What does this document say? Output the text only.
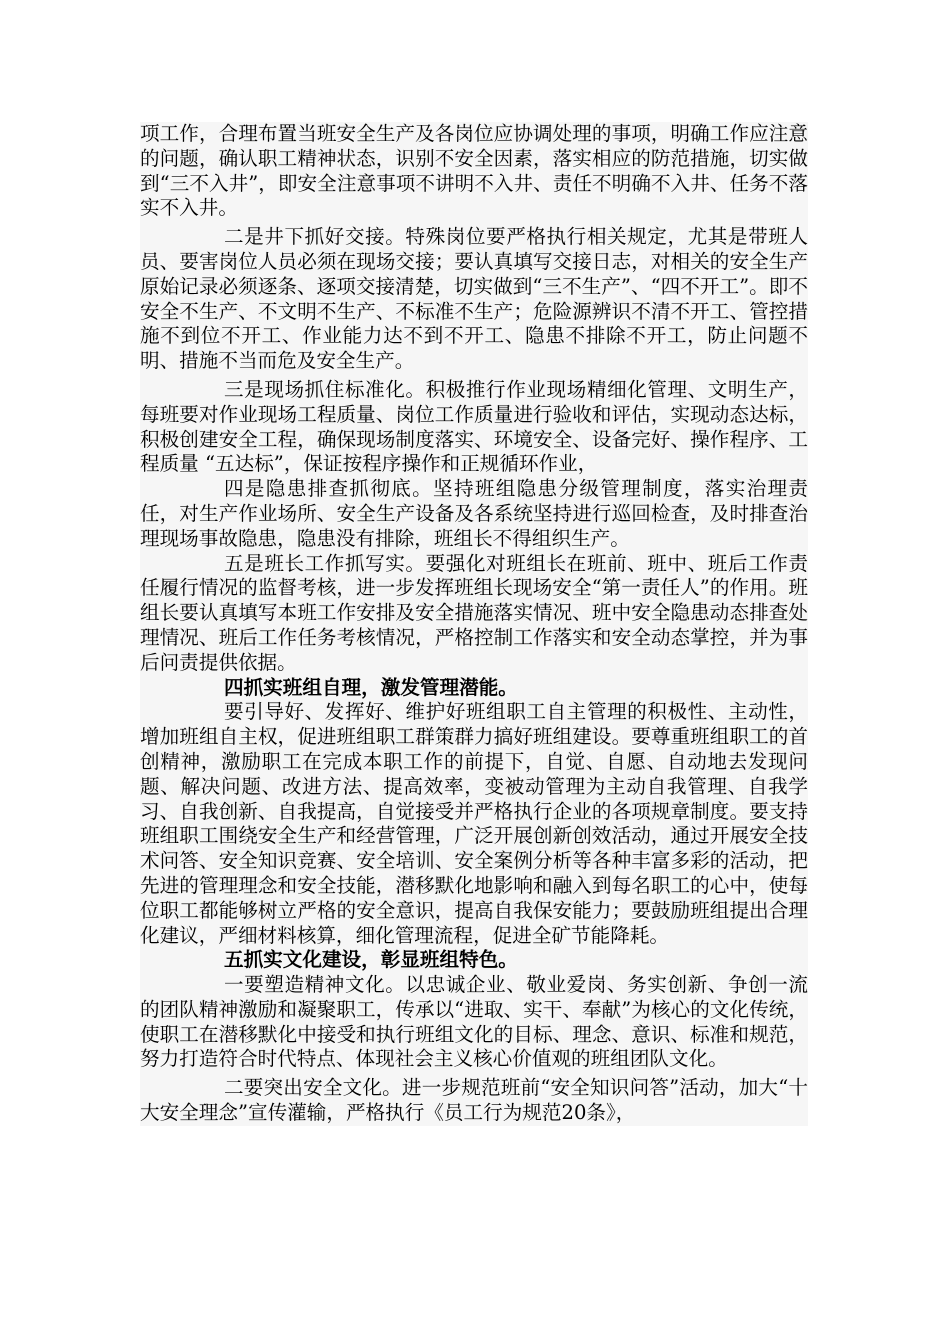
项工作，合理布置当班安全生产及各岗位应协调处理的事项，明确工作应注意的问题，确认职工精神状态，识别不安全因素，落实相应的防范措施，切实做到“三不入井”，即安全注意事项不讲明不入井、责任不明确不入井、任务不落实不入井。

二是井下抓好交接。特殊岗位要严格执行相关规定，尤其是带班人员、要害岗位人员必须在现场交接；要认真填写交接日志，对相关的安全生产原始记录必须逐条、逐项交接清楚，切实做到“三不生产”、“四不开工”。即不安全不生产、不文明不生产、不标准不生产；危险源辨识不清不开工、管控措施不到位不开工、作业能力达不到不开工、隐患不排除不开工，防止问题不明、措施不当而危及安全生产。

三是现场抓住标准化。积极推行作业现场精细化管理、文明生产，每班要对作业现场工程质量、岗位工作质量进行验收和评估，实现动态达标，积极创建安全工程，确保现场制度落实、环境安全、设备完好、操作程序、工程质量 “五达标”，保证按程序操作和正规循环作业，

四是隐患排查抓彻底。坚持班组隐患分级管理制度，落实治理责任，对生产作业场所、安全生产设备及各系统坚持进行巡回检查，及时排查治理现场事故隐患，隐患没有排除，班组长不得组织生产。

五是班长工作抓写实。要强化对班组长在班前、班中、班后工作责任履行情况的监督考核，进一步发挥班组长现场安全“第一责任人”的作用。班组长要认真填写本班工作安排及安全措施落实情况、班中安全隐患动态排查处理情况、班后工作任务考核情况，严格控制工作落实和安全动态掌控，并为事后问责提供依据。

四抓实班组自理，激发管理潜能。

要引导好、发挥好、维护好班组职工自主管理的积极性、主动性，增加班组自主权，促进班组职工群策群力搞好班组建设。要尊重班组职工的首创精神，激励职工在完成本职工作的前提下，自觉、自愿、自动地去发现问题、解决问题、改进方法、提高效率，变被动管理为主动自我管理、自我学习、自我创新、自我提高，自觉接受并严格执行企业的各项规章制度。要支持班组职工围绕安全生产和经营管理，广泛开展创新创效活动，通过开展安全技术问答、安全知识竞赛、安全培训、安全案例分析等各种丰富多彩的活动，把先进的管理理念和安全技能，潜移默化地影响和融入到每名职工的心中，使每位职工都能够树立严格的安全意识，提高自我保安能力；要鼓励班组提出合理化建议，严细材料核算，细化管理流程，促进全矿节能降耗。

五抓实文化建设，彰显班组特色。

一要塑造精神文化。以忠诚企业、敬业爱岗、务实创新、争创一流的团队精神激励和凝聚职工，传承以“进取、实干、奉献”为核心的文化传统，使职工在潜移默化中接受和执行班组文化的目标、理念、意识、标准和规范，努力打造符合时代特点、体现社会主义核心价值观的班组团队文化。

二要突出安全文化。进一步规范班前“安全知识问答”活动，加大“十大安全理念”宣传灌输，严格执行《员工行为规范20条》，
